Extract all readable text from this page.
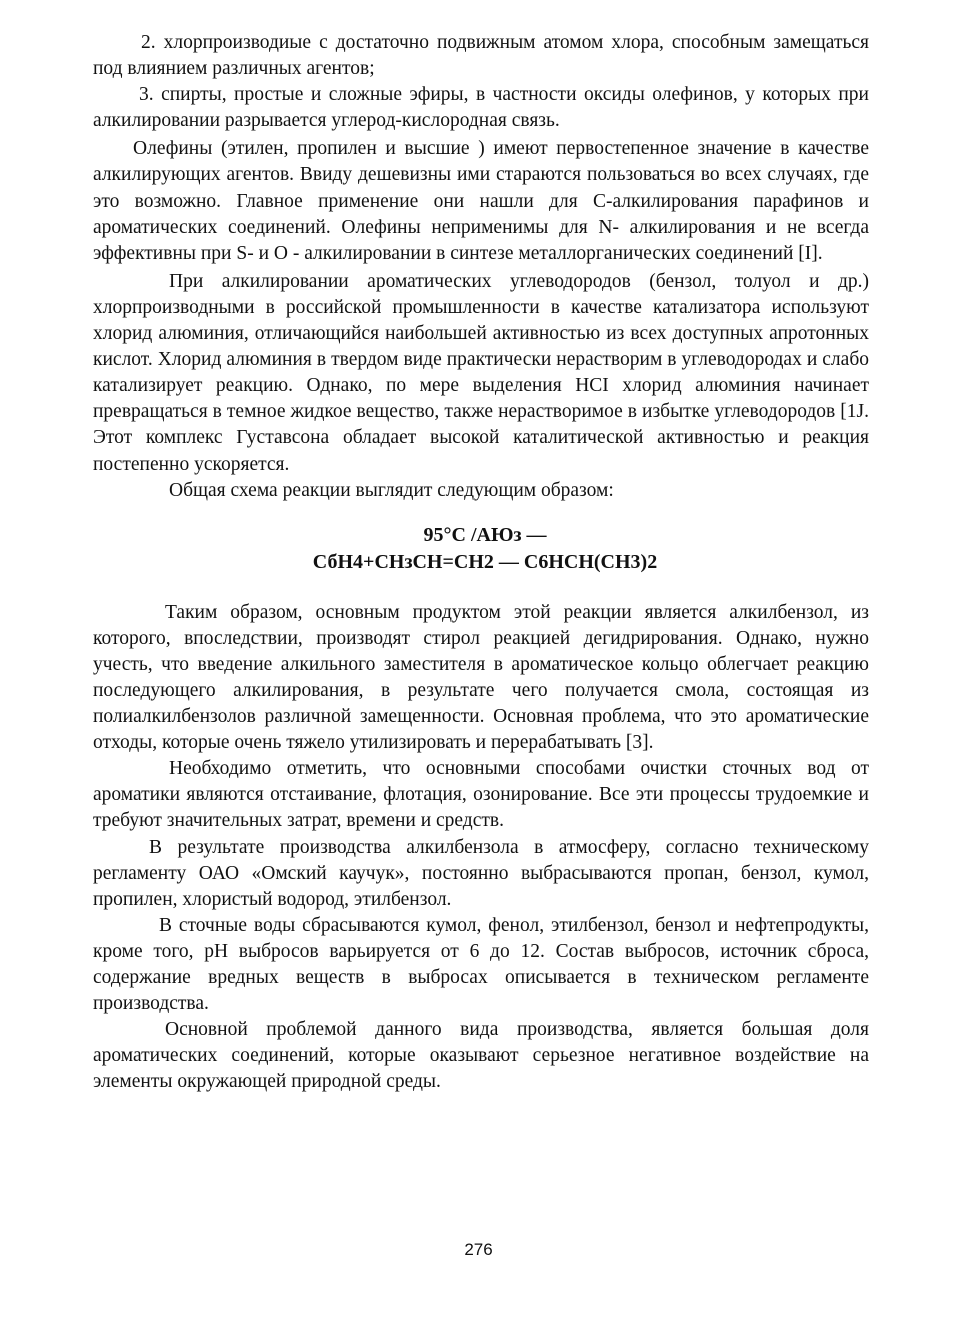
2. хлорпроизводиые с достаточно подвижным атомом хлора, способным замещаться под влиянием различных агентов;

3. спирты, простые и сложные эфиры, в частности оксиды олефинов, у которых при алкилировании разрывается углерод-кислородная связь.

Олефины (этилен, пропилен и высшие ) имеют первостепенное значение в качестве алкилирующих агентов. Ввиду дешевизны ими стараются пользоваться во всех случаях, где это возможно. Главное применение они нашли для С-алкилирования парафинов и ароматических соединений. Олефины неприменимы для N- алкилирования и не всегда эффективны при S- и О - алкилировании в синтезе металлорганических соединений [I].

При алкилировании ароматических углеводородов (бензол, толуол и др.) хлорпроизводными в российской промышленности в качестве катализатора используют хлорид алюминия, отличающийся наибольшей активностью из всех доступных апротонных кислот. Хлорид алюминия в твердом виде практически нерастворим в углеводородах и слабо катализирует реакцию. Однако, по мере выделения НСI хлорид алюминия начинает превращаться в темное жидкое вещество, также нерастворимое в избытке углеводородов [1J. Этот комплекс Густавсона обладает высокой каталитической активностью и реакция постепенно ускоряется.

Общая схема реакции выглядит следующим образом:

95°C /АЮз —
СбН4+СНзСН=СН2 — С6НСН(СН3)2

Таким образом, основным продуктом этой реакции является алкилбензол, из которого, впоследствии, производят стирол реакцией дегидрирования. Однако, нужно учесть, что введение алкильного заместителя в ароматическое кольцо облегчает реакцию последующего алкилирования, в результате чего получается смола, состоящая из полиалкилбензолов различной замещенности. Основная проблема, что это ароматические отходы, которые очень тяжело утилизировать и перерабатывать [3].

Необходимо отметить, что основными способами очистки сточных вод от ароматики являются отстаивание, флотация, озонирование. Все эти процессы трудоемкие и требуют значительных затрат, времени и средств.

В результате производства алкилбензола в атмосферу, согласно техническому регламенту ОАО «Омский каучук», постоянно выбрасываются пропан, бензол, кумол, пропилен, хлористый водород, этилбензол.

В сточные воды сбрасываются кумол, фенол, этилбензол, бензол и нефтепродукты, кроме того, pH выбросов варьируется от 6 до 12. Состав выбросов, источник сброса, содержание вредных веществ в выбросах описывается в техническом регламенте производства.

Основной проблемой данного вида производства, является большая доля ароматических соединений, которые оказывают серьезное негативное воздействие на элементы окружающей природной среды.

276
